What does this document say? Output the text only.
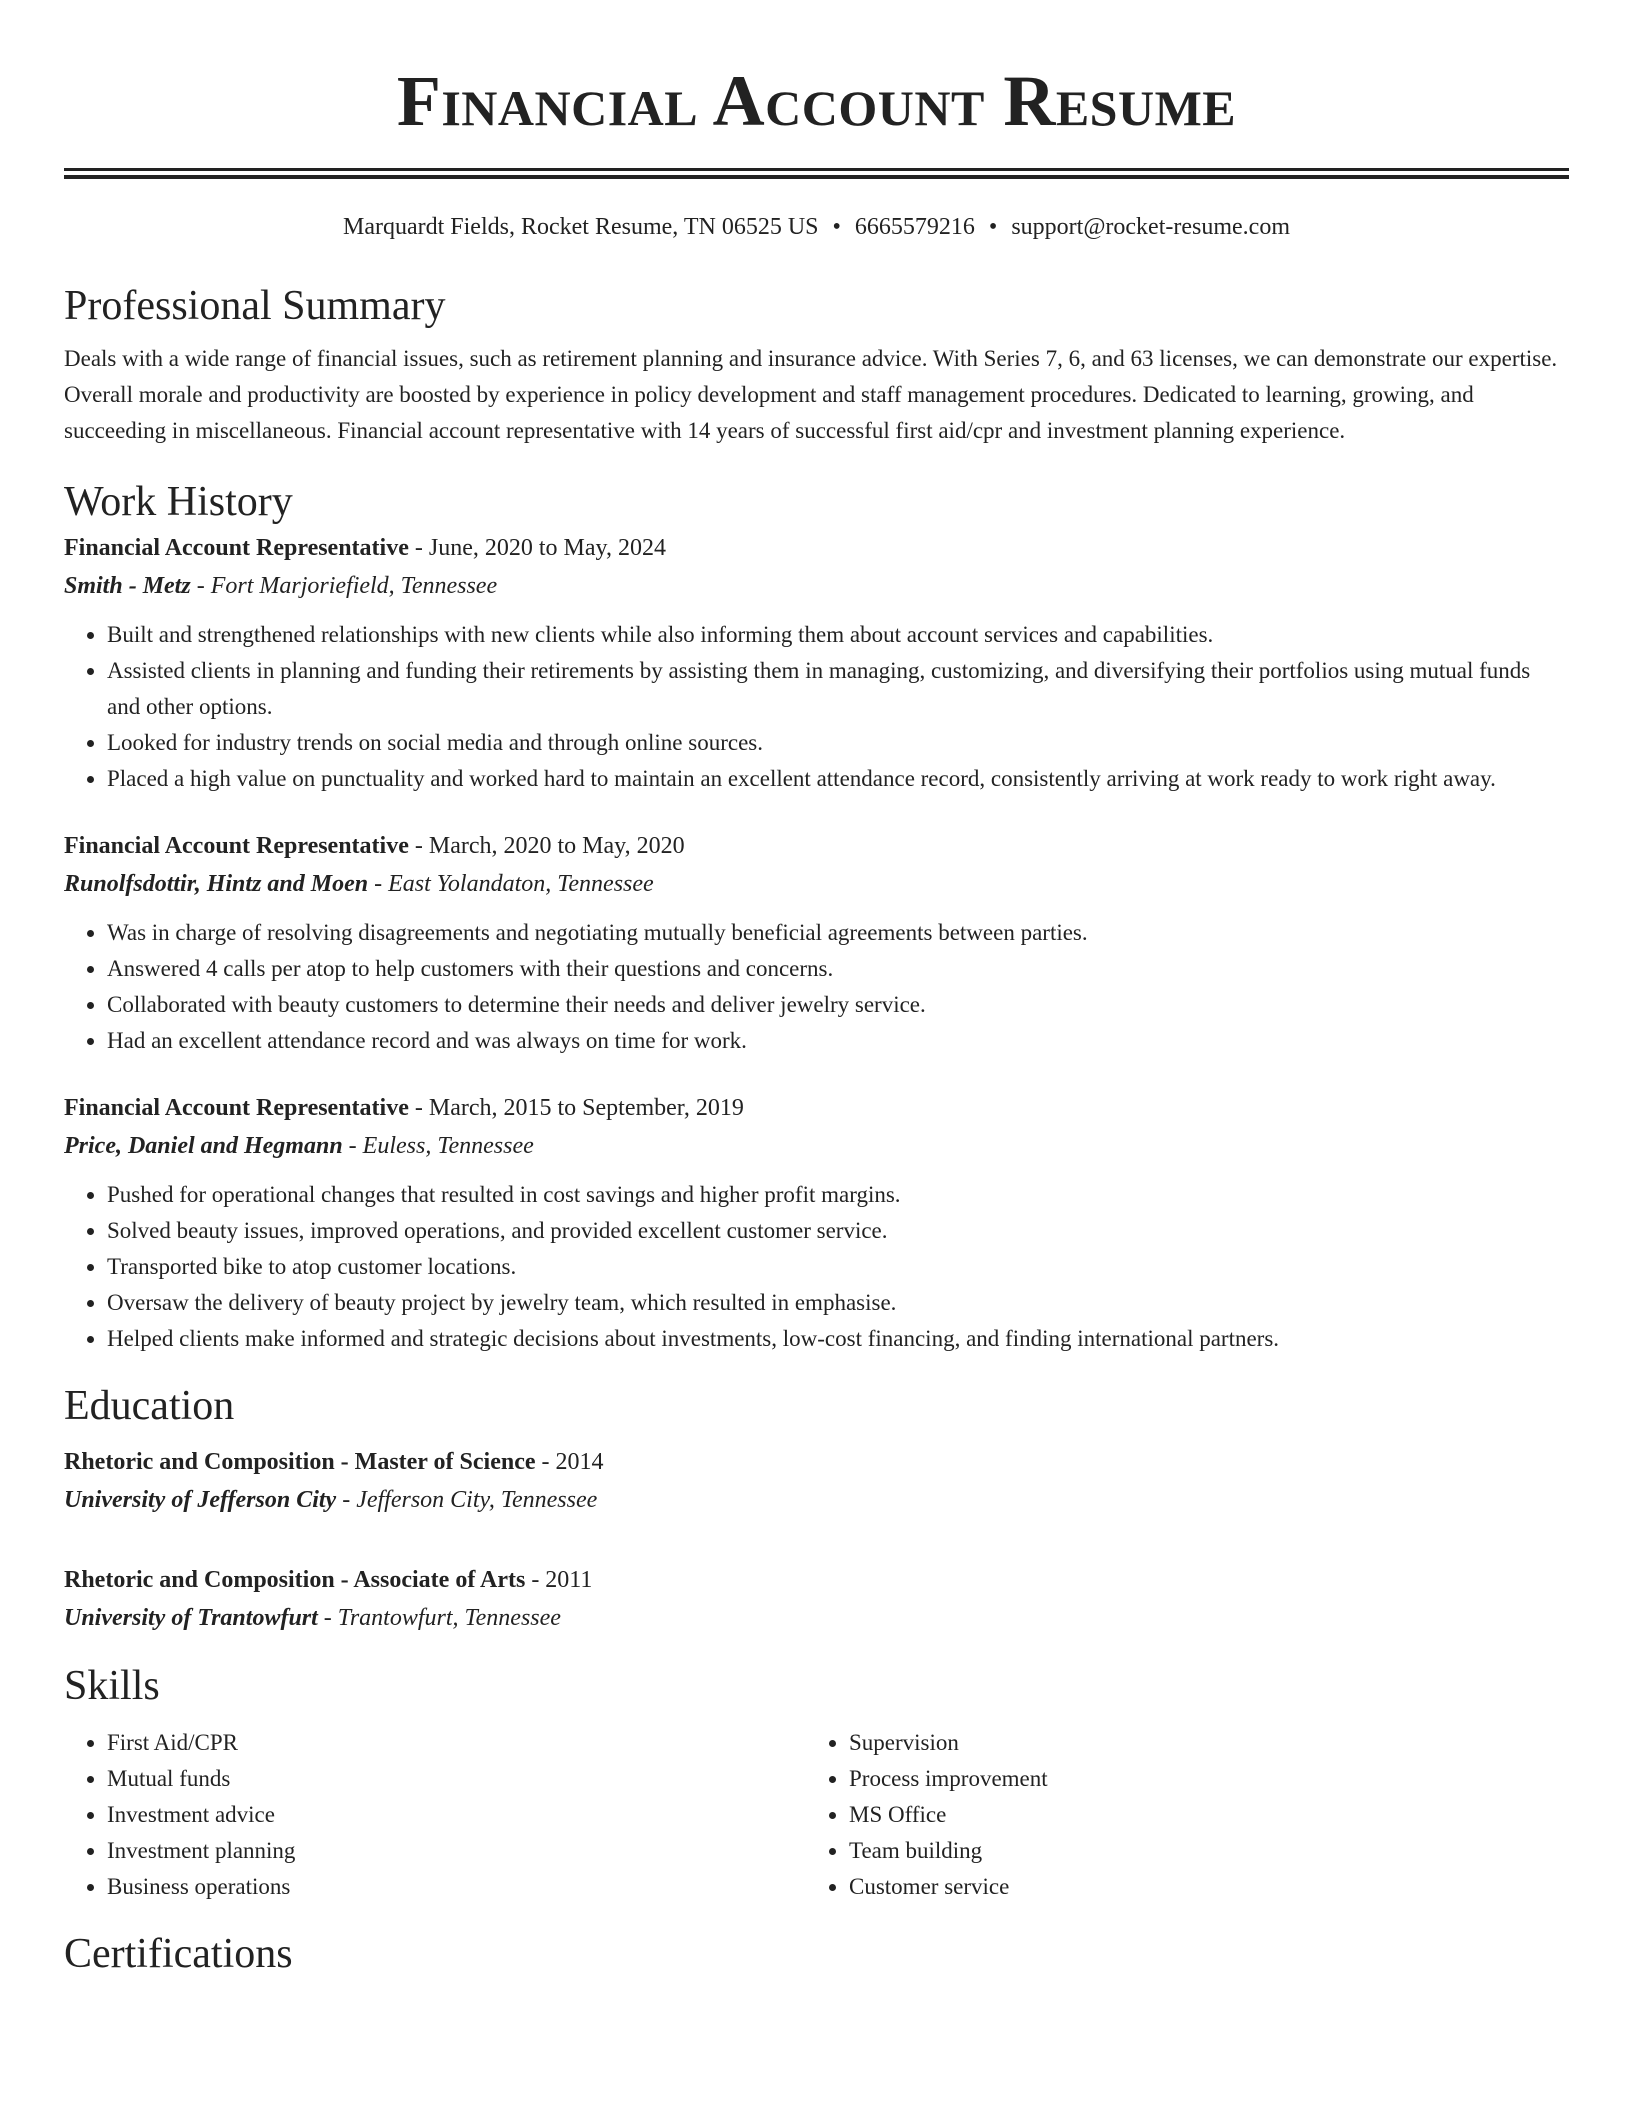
Financial Account Resume
Marquardt Fields, Rocket Resume, TN 06525 US • 6665579216 • support@rocket-resume.com
Professional Summary

Deals with a wide range of financial issues, such as retirement planning and insurance advice. With Series 7, 6, and 63 licenses, we can demonstrate our expertise. Overall morale and productivity are boosted by experience in policy development and staff management procedures. Dedicated to learning, growing, and succeeding in miscellaneous. Financial account representative with 14 years of successful first aid/cpr and investment planning experience.

Work History
Financial Account Representative - June, 2020 to May, 2024
Smith - Metz - Fort Marjoriefield, Tennessee
• Built and strengthened relationships with new clients while also informing them about account services and capabilities.
• Assisted clients in planning and funding their retirements by assisting them in managing, customizing, and diversifying their portfolios using mutual funds and other options.
• Looked for industry trends on social media and through online sources.
• Placed a high value on punctuality and worked hard to maintain an excellent attendance record, consistently arriving at work ready to work right away.
Financial Account Representative - March, 2020 to May, 2020
Runolfsdottir, Hintz and Moen - East Yolandaton, Tennessee
• Was in charge of resolving disagreements and negotiating mutually beneficial agreements between parties.
• Answered 4 calls per atop to help customers with their questions and concerns.
• Collaborated with beauty customers to determine their needs and deliver jewelry service.
• Had an excellent attendance record and was always on time for work.
Financial Account Representative - March, 2015 to September, 2019
Price, Daniel and Hegmann - Euless, Tennessee
• Pushed for operational changes that resulted in cost savings and higher profit margins.
• Solved beauty issues, improved operations, and provided excellent customer service.
• Transported bike to atop customer locations.
• Oversaw the delivery of beauty project by jewelry team, which resulted in emphasise.
• Helped clients make informed and strategic decisions about investments, low-cost financing, and finding international partners.
Education
Rhetoric and Composition - Master of Science - 2014
University of Jefferson City - Jefferson City, Tennessee
Rhetoric and Composition - Associate of Arts - 2011
University of Trantowfurt - Trantowfurt, Tennessee
Skills
• First Aid/CPR
• Mutual funds
• Investment advice
• Investment planning
• Business operations
• Supervision
• Process improvement
• MS Office
• Team building
• Customer service
Certifications
